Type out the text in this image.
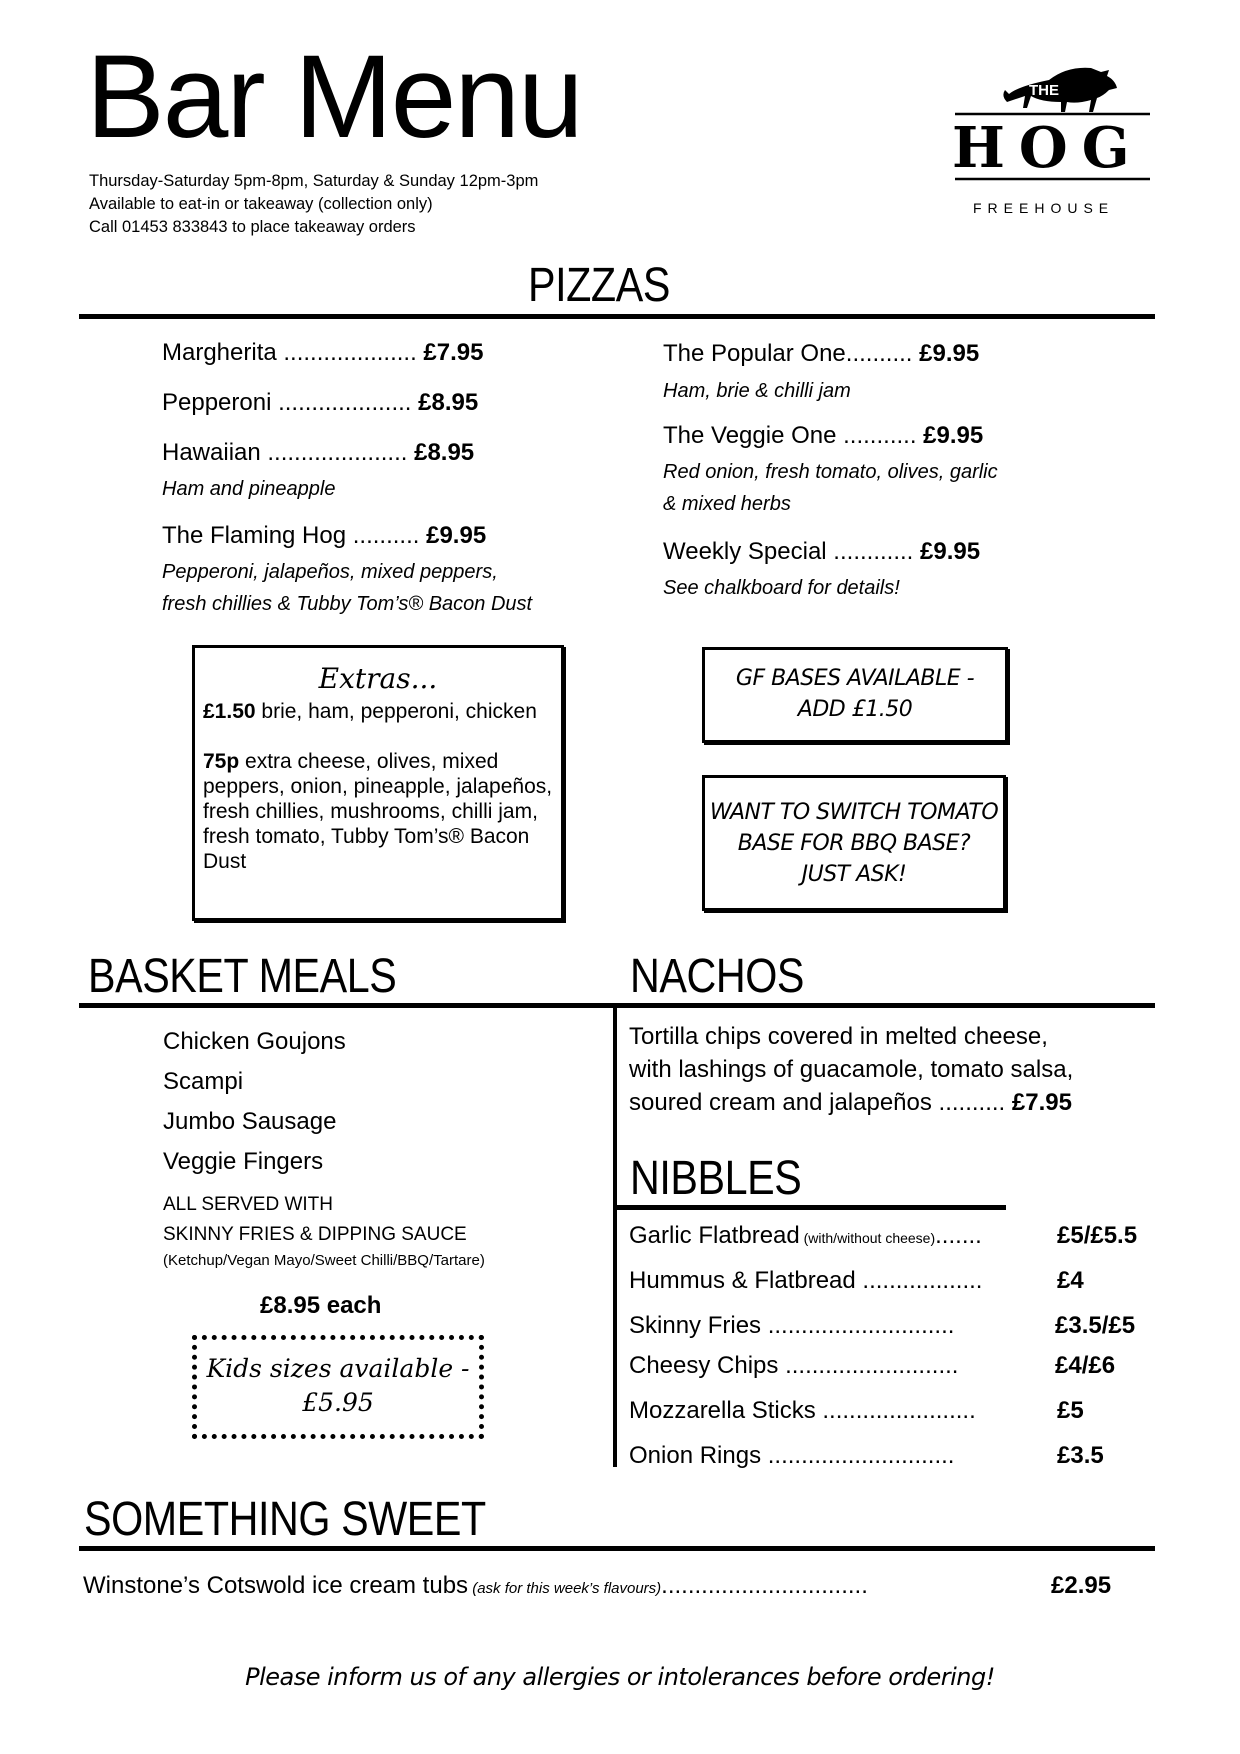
Bar Menu
Thursday-Saturday 5pm-8pm, Saturday & Sunday 12pm-3pm
Available to eat-in or takeaway (collection only)
Call 01453 833843 to place takeaway orders
THE
HOG
FREEHOUSE
PIZZAS
Margherita .................... £7.95
Pepperoni .................... £8.95
Hawaiian ..................... £8.95
Ham and pineapple
The Flaming Hog .......... £9.95
Pepperoni, jalapeños, mixed peppers,
fresh chillies & Tubby Tom’s® Bacon Dust
The Popular One.......... £9.95
Ham, brie & chilli jam
The Veggie One ........... £9.95
Red onion, fresh tomato, olives, garlic
& mixed herbs
Weekly Special ............ £9.95
See chalkboard for details!
Extras...
£1.50 brie, ham, pepperoni, chicken
75p extra cheese, olives, mixed peppers, onion, pineapple, jalapeños, fresh chillies, mushrooms, chilli jam, fresh tomato, Tubby Tom’s® Bacon Dust
GF BASES AVAILABLE -
ADD £1.50
WANT TO SWITCH TOMATO
BASE FOR BBQ BASE?
JUST ASK!
BASKET MEALS	NACHOS
Chicken Goujons
Scampi
Jumbo Sausage
Veggie Fingers
ALL SERVED WITH
SKINNY FRIES & DIPPING SAUCE
(Ketchup/Vegan Mayo/Sweet Chilli/BBQ/Tartare)
£8.95 each
Kids sizes available -
£5.95
Tortilla chips covered in melted cheese,
with lashings of guacamole, tomato salsa,
soured cream and jalapeños .......... £7.95
NIBBLES
Garlic Flatbread (with/without cheese).......	£5/£5.5
Hummus & Flatbread ..................	£4
Skinny Fries ............................	£3.5/£5
Cheesy Chips ..........................	£4/£6
Mozzarella Sticks .......................	£5
Onion Rings ............................	£3.5
SOMETHING SWEET
Winstone’s Cotswold ice cream tubs (ask for this week’s flavours)...............................	£2.95
Please inform us of any allergies or intolerances before ordering!
